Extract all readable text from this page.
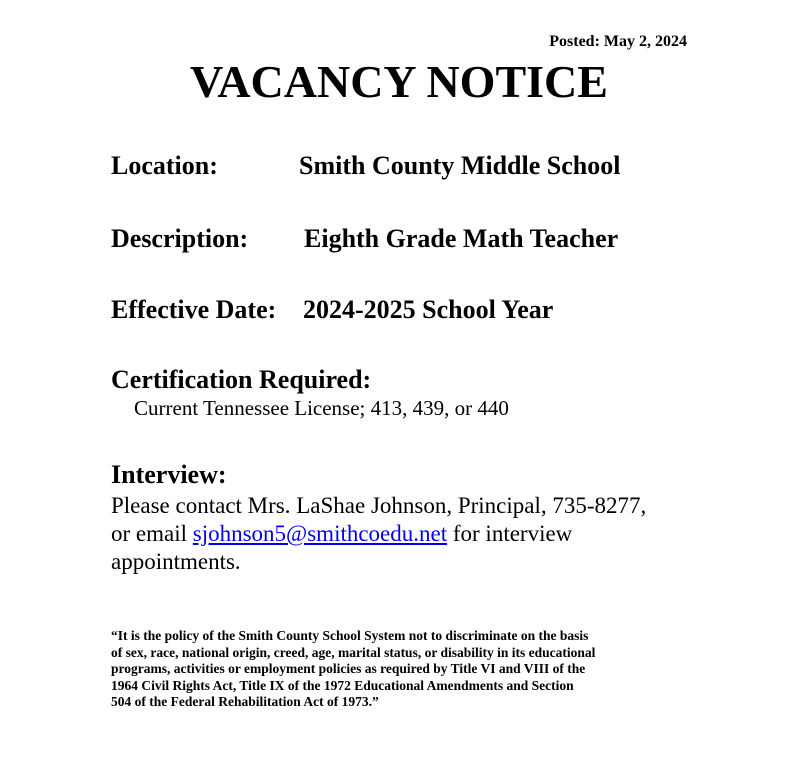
Posted: May 2, 2024
VACANCY NOTICE
Location:	Smith County Middle School
Description: Eighth Grade Math Teacher
Effective Date: 2024-2025 School Year
Certification Required:
Current Tennessee License; 413, 439, or 440
Interview:
Please contact Mrs. LaShae Johnson, Principal, 735-8277,
or email sjohnson5@smithcoedu.net for interview
appointments.
“It is the policy of the Smith County School System not to discriminate on the basis
of sex, race, national origin, creed, age, marital status, or disability in its educational
programs, activities or employment policies as required by Title VI and VIII of the
1964 Civil Rights Act, Title IX of the 1972 Educational Amendments and Section
504 of the Federal Rehabilitation Act of 1973.”
